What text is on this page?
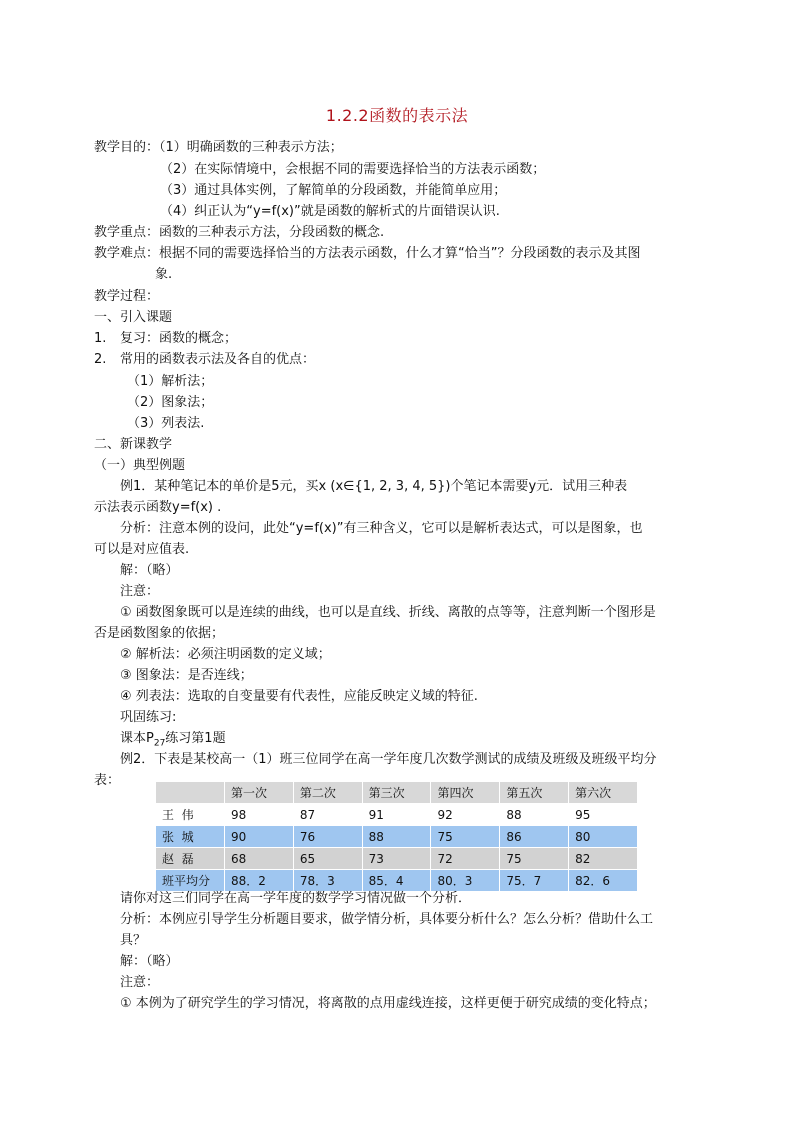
1.2.2函数的表示法
教学目的：（1）明确函数的三种表示方法；
（2）在实际情境中，会根据不同的需要选择恰当的方法表示函数；
（3）通过具体实例，了解简单的分段函数，并能简单应用；
（4）纠正认为“y=f(x)”就是函数的解析式的片面错误认识.
教学重点：函数的三种表示方法，分段函数的概念.
教学难点：根据不同的需要选择恰当的方法表示函数，什么才算“恰当”？分段函数的表示及其图
象.
教学过程：
一、引入课题
1. 复习：函数的概念；
2. 常用的函数表示法及各自的优点：
（1）解析法；
（2）图象法；
（3）列表法.
二、新课教学
（一）典型例题
例1．某种笔记本的单价是5元，买x (x∈{1, 2, 3, 4, 5})个笔记本需要y元．试用三种表
示法表示函数y=f(x) .
分析：注意本例的设问，此处“y=f(x)”有三种含义，它可以是解析表达式，可以是图象，也
可以是对应值表.
解：（略）
注意：
① 函数图象既可以是连续的曲线，也可以是直线、折线、离散的点等等，注意判断一个图形是
否是函数图象的依据；
② 解析法：必须注明函数的定义域；
③ 图象法：是否连线；
④ 列表法：选取的自变量要有代表性，应能反映定义域的特征.
巩固练习:
课本$P_{27}$练习第1题
例2．下表是某校高一（1）班三位同学在高一学年度几次数学测试的成绩及班级及班级平均分
表：
	第一次	第二次	第三次	第四次	第五次	第六次
王  伟	98	87	91	92	88	95
张  城	90	76	88	75	86	80
赵  磊	68	65	73	72	75	82
班平均分	88．2	78．3	85．4	80．3	75．7	82．6
请你对这三们同学在高一学年度的数学学习情况做一个分析．
分析：本例应引导学生分析题目要求，做学情分析，具体要分析什么？怎么分析？借助什么工
具？
解：（略）
注意：
① 本例为了研究学生的学习情况，将离散的点用虚线连接，这样更便于研究成绩的变化特点；
